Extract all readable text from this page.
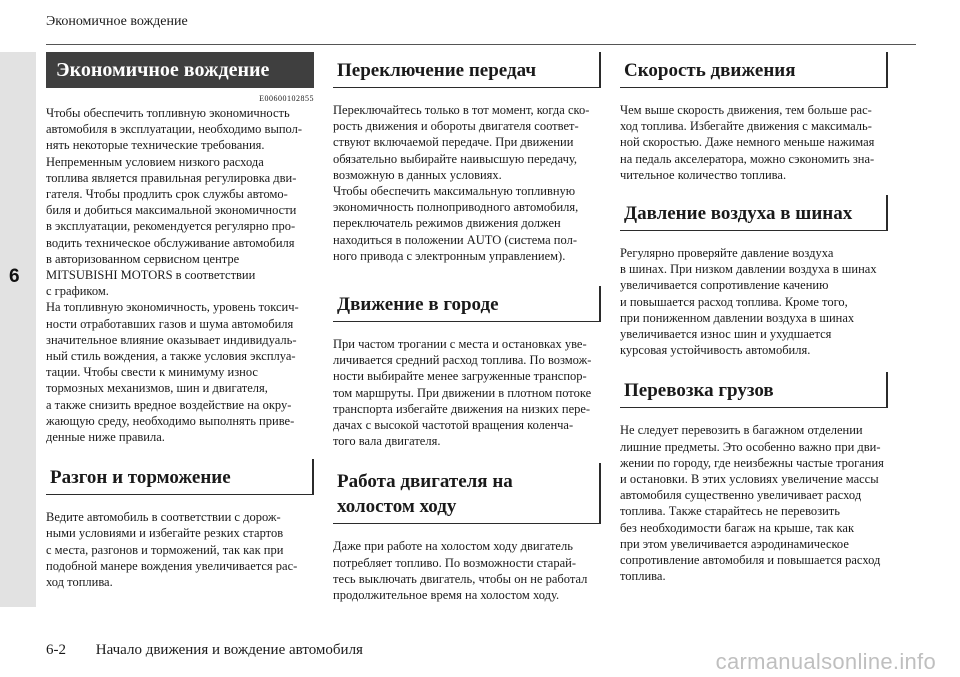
Экономичное вождение
6
Экономичное вождение
E00600102855
Чтобы обеспечить топливную экономичность
автомобиля в эксплуатации, необходимо выпол-
нять некоторые технические требования.
Непременным условием низкого расхода
топлива является правильная регулировка дви-
гателя. Чтобы продлить срок службы автомо-
биля и добиться максимальной экономичности
в эксплуатации, рекомендуется регулярно про-
водить техническое обслуживание автомобиля
в авторизованном сервисном центре
MITSUBISHI MOTORS в соответствии
с графиком.
На топливную экономичность, уровень токсич-
ности отработавших газов и шума автомобиля
значительное влияние оказывает индивидуаль-
ный стиль вождения, а также условия эксплуа-
тации. Чтобы свести к минимуму износ
тормозных механизмов, шин и двигателя,
а также снизить вредное воздействие на окру-
жающую среду, необходимо выполнять приве-
денные ниже правила.
Разгон и торможение
Ведите автомобиль в соответствии с дорож-
ными условиями и избегайте резких стартов
с места, разгонов и торможений, так как при
подобной манере вождения увеличивается рас-
ход топлива.
Переключение передач
Переключайтесь только в тот момент, когда ско-
рость движения и обороты двигателя соответ-
ствуют включаемой передаче. При движении
обязательно выбирайте наивысшую передачу,
возможную в данных условиях.
Чтобы обеспечить максимальную топливную
экономичность полноприводного автомобиля,
переключатель режимов движения должен
находиться в положении AUTO (система пол-
ного привода с электронным управлением).
Движение в городе
При частом трогании с места и остановках уве-
личивается средний расход топлива. По возмож-
ности выбирайте менее загруженные транспор-
том маршруты. При движении в плотном потоке
транспорта избегайте движения на низких пере-
дачах с высокой частотой вращения коленча-
того вала двигателя.
Работа двигателя на холостом ходу
Даже при работе на холостом ходу двигатель
потребляет топливо. По возможности старай-
тесь выключать двигатель, чтобы он не работал
продолжительное время на холостом ходу.
Скорость движения
Чем выше скорость движения, тем больше рас-
ход топлива. Избегайте движения с максималь-
ной скоростью. Даже немного меньше нажимая
на педаль акселератора, можно сэкономить зна-
чительное количество топлива.
Давление воздуха в шинах
Регулярно проверяйте давление воздуха
в шинах. При низком давлении воздуха в шинах
увеличивается сопротивление качению
и повышается расход топлива. Кроме того,
при пониженном давлении воздуха в шинах
увеличивается износ шин и ухудшается
курсовая устойчивость автомобиля.
Перевозка грузов
Не следует перевозить в багажном отделении
лишние предметы. Это особенно важно при дви-
жении по городу, где неизбежны частые трогания
и остановки. В этих условиях увеличение массы
автомобиля существенно увеличивает расход
топлива. Также старайтесь не перевозить
без необходимости багаж на крыше, так как
при этом увеличивается аэродинамическое
сопротивление автомобиля и повышается расход
топлива.
6-2 Начало движения и вождение автомобиля	carmanualsonline.info
